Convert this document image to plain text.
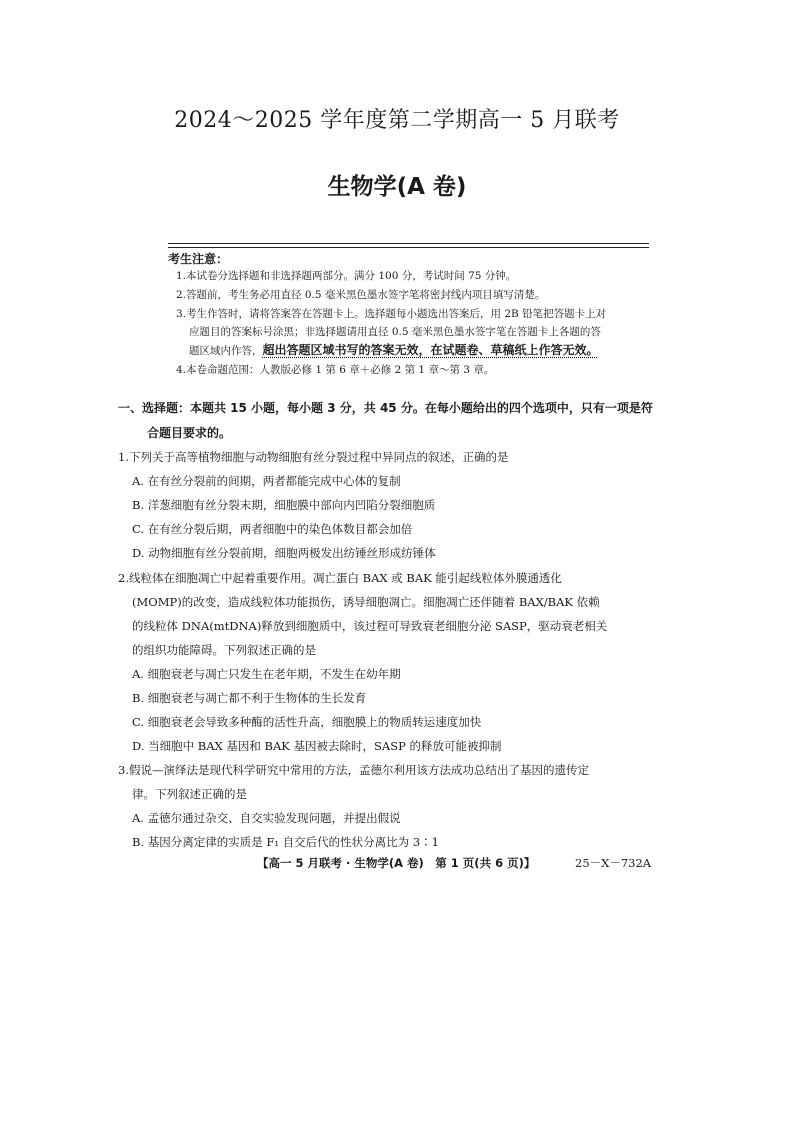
2024～2025 学年度第二学期高一 5 月联考
生物学(A 卷)
考生注意：
1.本试卷分选择题和非选择题两部分。满分 100 分，考试时间 75 分钟。
2.答题前，考生务必用直径 0.5 毫米黑色墨水签字笔将密封线内项目填写清楚。
3.考生作答时，请将答案答在答题卡上。选择题每小题选出答案后，用 2B 铅笔把答题卡上对
应题目的答案标号涂黑；非选择题请用直径 0.5 毫米黑色墨水签字笔在答题卡上各题的答
题区域内作答，超出答题区域书写的答案无效，在试题卷、草稿纸上作答无效。
4.本卷命题范围：人教版必修 1 第 6 章＋必修 2 第 1 章～第 3 章。
一、选择题：本题共 15 小题，每小题 3 分，共 45 分。在每小题给出的四个选项中，只有一项是符
合题目要求的。
1.下列关于高等植物细胞与动物细胞有丝分裂过程中异同点的叙述，正确的是
A. 在有丝分裂前的间期，两者都能完成中心体的复制
B. 洋葱细胞有丝分裂末期，细胞膜中部向内凹陷分裂细胞质
C. 在有丝分裂后期，两者细胞中的染色体数目都会加倍
D. 动物细胞有丝分裂前期，细胞两极发出纺锤丝形成纺锤体
2.线粒体在细胞凋亡中起着重要作用。凋亡蛋白 BAX 或 BAK 能引起线粒体外膜通透化
(MOMP)的改变，造成线粒体功能损伤，诱导细胞凋亡。细胞凋亡还伴随着 BAX/BAK 依赖
的线粒体 DNA(mtDNA)释放到细胞质中，该过程可导致衰老细胞分泌 SASP，驱动衰老相关
的组织功能障碍。下列叙述正确的是
A. 细胞衰老与凋亡只发生在老年期，不发生在幼年期
B. 细胞衰老与凋亡都不利于生物体的生长发育
C. 细胞衰老会导致多种酶的活性升高，细胞膜上的物质转运速度加快
D. 当细胞中 BAX 基因和 BAK 基因被去除时，SASP 的释放可能被抑制
3.假说—演绎法是现代科学研究中常用的方法，孟德尔利用该方法成功总结出了基因的遗传定
律。下列叙述正确的是
A. 孟德尔通过杂交、自交实验发现问题，并提出假说
B. 基因分离定律的实质是 F₁ 自交后代的性状分离比为 3∶1
【高一 5 月联考 · 生物学(A 卷)　第 1 页(共 6 页)】	25－X－732A
